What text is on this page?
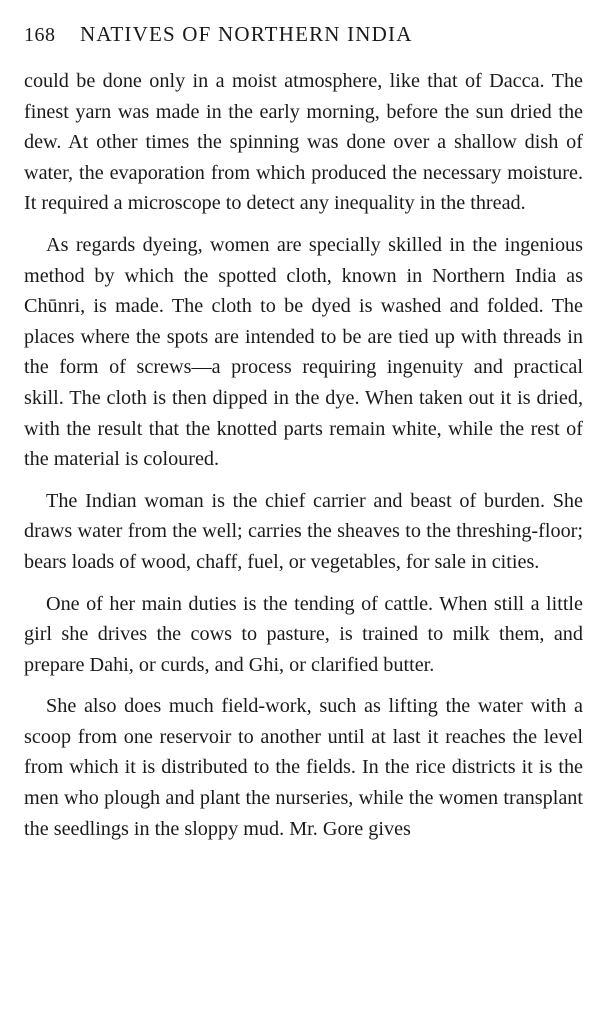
168 NATIVES OF NORTHERN INDIA

could be done only in a moist atmosphere, like that of Dacca. The finest yarn was made in the early morning, before the sun dried the dew. At other times the spinning was done over a shallow dish of water, the evaporation from which produced the necessary moisture. It required a microscope to detect any inequality in the thread.

As regards dyeing, women are specially skilled in the ingenious method by which the spotted cloth, known in Northern India as Chūnri, is made. The cloth to be dyed is washed and folded. The places where the spots are intended to be are tied up with threads in the form of screws—a process requiring ingenuity and practical skill. The cloth is then dipped in the dye. When taken out it is dried, with the result that the knotted parts remain white, while the rest of the material is coloured.

The Indian woman is the chief carrier and beast of burden. She draws water from the well; carries the sheaves to the threshing-floor; bears loads of wood, chaff, fuel, or vegetables, for sale in cities.

One of her main duties is the tending of cattle. When still a little girl she drives the cows to pasture, is trained to milk them, and prepare Dahi, or curds, and Ghi, or clarified butter.

She also does much field-work, such as lifting the water with a scoop from one reservoir to another until at last it reaches the level from which it is distributed to the fields. In the rice districts it is the men who plough and plant the nurseries, while the women transplant the seedlings in the sloppy mud. Mr. Gore gives
